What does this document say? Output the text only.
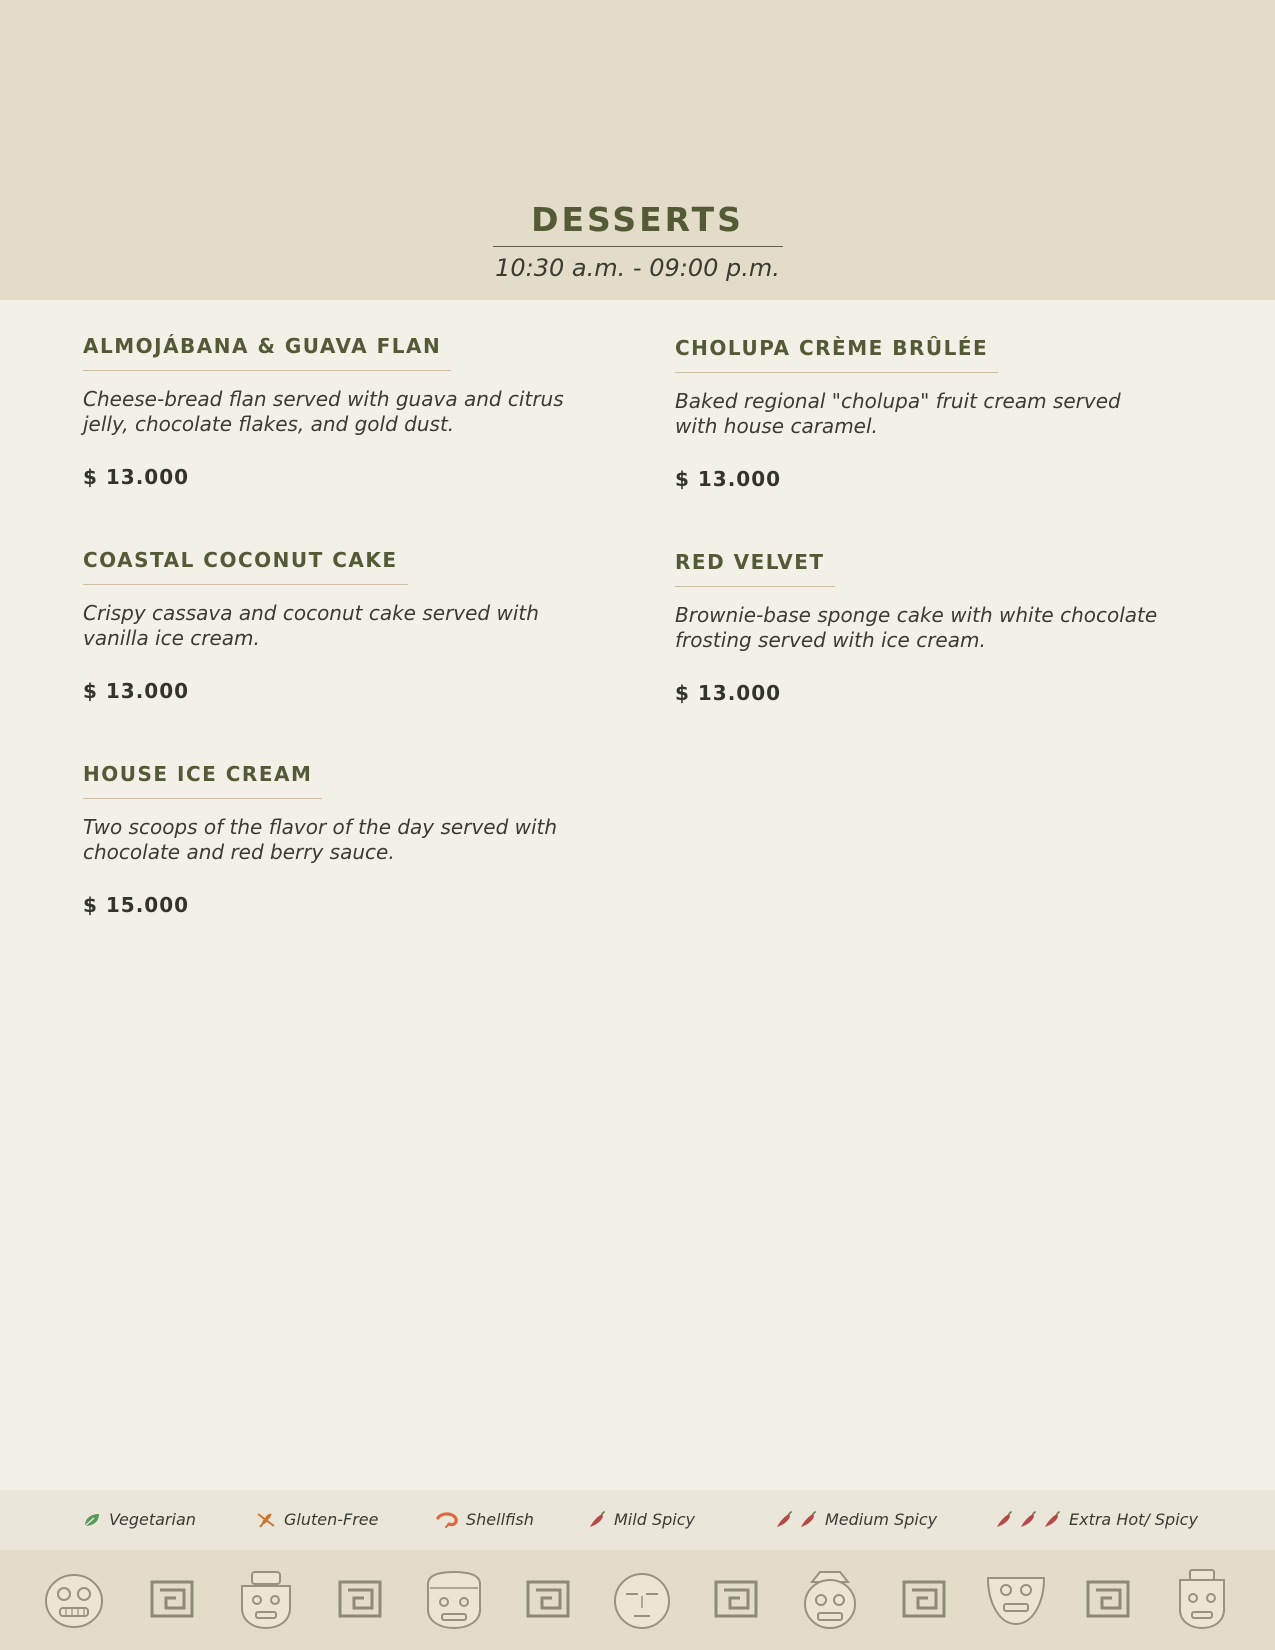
DESSERTS
10:30 a.m. - 09:00 p.m.
ALMOJÁBANA & GUAVA FLAN
Cheese-bread flan served with guava and citrus jelly, chocolate flakes, and gold dust.
$ 13.000
COASTAL COCONUT CAKE
Crispy cassava and coconut cake served with vanilla ice cream.
$ 13.000
HOUSE ICE CREAM
Two scoops of the flavor of the day served with chocolate and red berry sauce.
$ 15.000
CHOLUPA CRÈME BRÛLÉE
Baked regional "cholupa" fruit cream served with house caramel.
$ 13.000
RED VELVET
Brownie-base sponge cake with white chocolate frosting served with ice cream.
$ 13.000
Vegetarian	Gluten-Free	Shellfish	Mild Spicy	Medium Spicy	Extra Hot/ Spicy
